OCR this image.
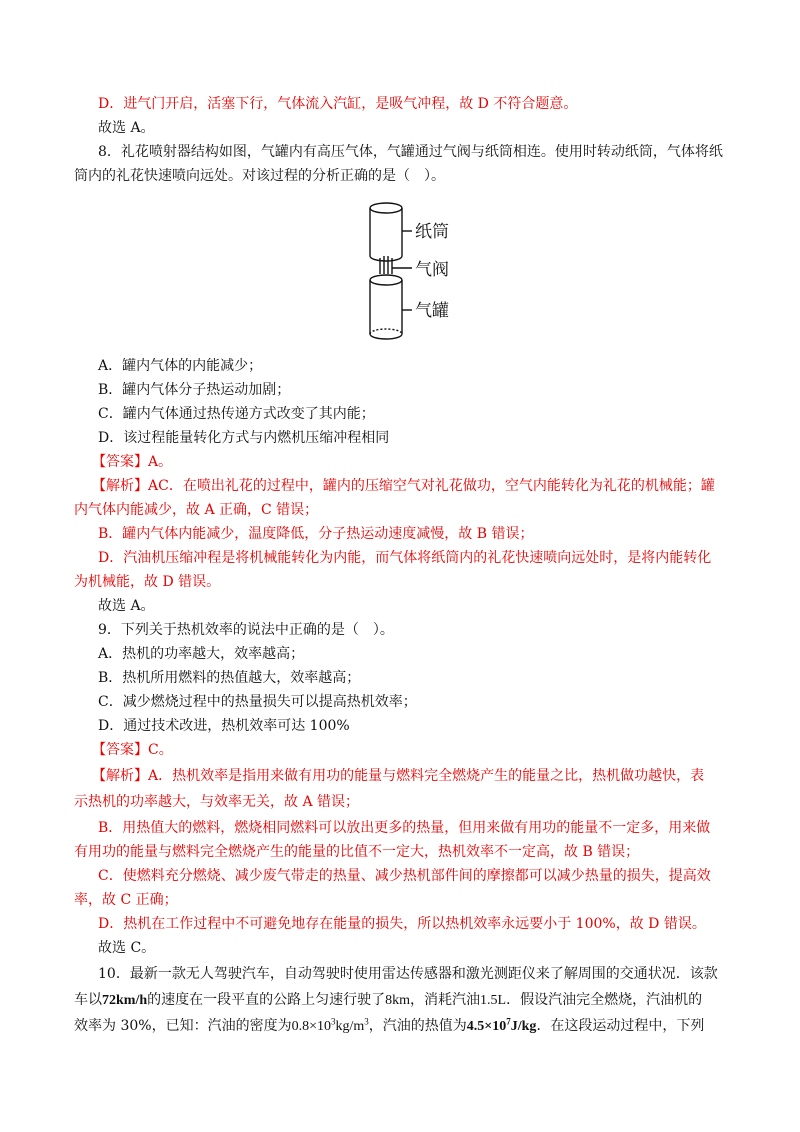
D．进气门开启，活塞下行，气体流入汽缸，是吸气冲程，故 D 不符合题意。
故选 A。
8．礼花喷射器结构如图，气罐内有高压气体，气罐通过气阀与纸筒相连。使用时转动纸筒，气体将纸
筒内的礼花快速喷向远处。对该过程的分析正确的是（　）。
纸筒
气阀
气罐
A．罐内气体的内能减少；
B．罐内气体分子热运动加剧；
C．罐内气体通过热传递方式改变了其内能；
D．该过程能量转化方式与内燃机压缩冲程相同
【答案】A。
【解析】AC．在喷出礼花的过程中，罐内的压缩空气对礼花做功，空气内能转化为礼花的机械能；罐
内气体内能减少，故 A 正确，C 错误；
B．罐内气体内能减少，温度降低，分子热运动速度减慢，故 B 错误；
D．汽油机压缩冲程是将机械能转化为内能，而气体将纸筒内的礼花快速喷向远处时，是将内能转化
为机械能，故 D 错误。
故选 A。
9．下列关于热机效率的说法中正确的是（　）。
A．热机的功率越大，效率越高；
B．热机所用燃料的热值越大，效率越高；
C．减少燃烧过程中的热量损失可以提高热机效率；
D．通过技术改进，热机效率可达 100%
【答案】C。
【解析】A．热机效率是指用来做有用功的能量与燃料完全燃烧产生的能量之比，热机做功越快，表
示热机的功率越大，与效率无关，故 A 错误；
B．用热值大的燃料，燃烧相同燃料可以放出更多的热量，但用来做有用功的能量不一定多，用来做
有用功的能量与燃料完全燃烧产生的能量的比值不一定大，热机效率不一定高，故 B 错误；
C．使燃料充分燃烧、减少废气带走的热量、减少热机部件间的摩擦都可以减少热量的损失，提高效
率，故 C 正确；
D．热机在工作过程中不可避免地存在能量的损失，所以热机效率永远要小于 100%，故 D 错误。
故选 C。
10．最新一款无人驾驶汽车，自动驾驶时使用雷达传感器和激光测距仪来了解周围的交通状况．该款
车以72km/h的速度在一段平直的公路上匀速行驶了8km，消耗汽油1.5L．假设汽油完全燃烧，汽油机的
效率为 30%，已知：汽油的密度为$0.8\times 10^3kg/m^3$，汽油的热值为$4.5\times 10^7J/kg$．在这段运动过程中，下列
